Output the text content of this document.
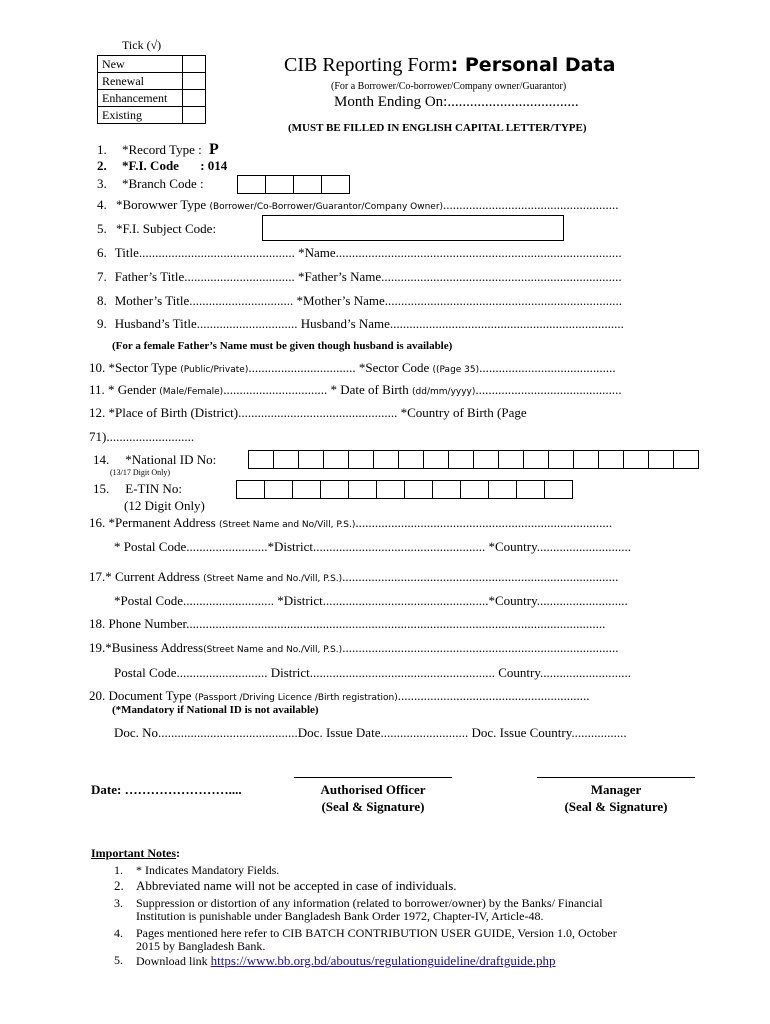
Tick (√)
New	
Renewal	
Enhancement	
Existing	
CIB Reporting Form: Personal Data
(For a Borrower/Co-borrower/Company owner/Guarantor)
Month Ending On:...................................
(MUST BE FILLED IN ENGLISH CAPITAL LETTER/TYPE)
1. *Record Type : P
2. *F.I. Code : 014
3. *Branch Code :
4. *Borowwer Type (Borrower/Co-Borrower/Guarantor/Company Owner)......................................................
5. *F.I. Subject Code:
6. Title................................................ *Name........................................................................................
7. Father’s Title.................................. *Father’s Name..........................................................................
8. Mother’s Title................................ *Mother’s Name.........................................................................
9. Husband’s Title............................... Husband’s Name........................................................................
(For a female Father’s Name must be given though husband is available)
10. *Sector Type (Public/Private)................................. *Sector Code ((Page 35)..........................................
11. * Gender (Male/Female)................................ * Date of Birth (dd/mm/yyyy).............................................
12. *Place of Birth (District)................................................. *Country of Birth (Page
71)...........................
14. *National ID No:
(13/17 Digit Only)
15. E-TIN No:
(12 Digit Only)
16. *Permanent Address (Street Name and No/Vill, P.S.)...............................................................................
* Postal Code.........................*District..................................................... *Country.............................
17.* Current Address (Street Name and No./Vill, P.S.).....................................................................................
*Postal Code............................ *District...................................................*Country............................
18. Phone Number.................................................................................................................................
19.*Business Address(Street Name and No./Vill, P.S.).....................................................................................
Postal Code............................ District......................................................... Country............................
20. Document Type (Passport /Driving Licence /Birth registration)...........................................................
(*Mandatory if National ID is not available)
Doc. No...........................................Doc. Issue Date........................... Doc. Issue Country.................
Date: ……………………....	Authorised Officer
(Seal & Signature)
Manager
(Seal & Signature)
Important Notes:
1. * Indicates Mandatory Fields.
2. Abbreviated name will not be accepted in case of individuals.
3. Suppression or distortion of any information (related to borrower/owner) by the Banks/ Financial
Institution is punishable under Bangladesh Bank Order 1972, Chapter-IV, Article-48.
4. Pages mentioned here refer to CIB BATCH CONTRIBUTION USER GUIDE, Version 1.0, October
2015 by Bangladesh Bank.
5. Download link https://www.bb.org.bd/aboutus/regulationguideline/draftguide.php
